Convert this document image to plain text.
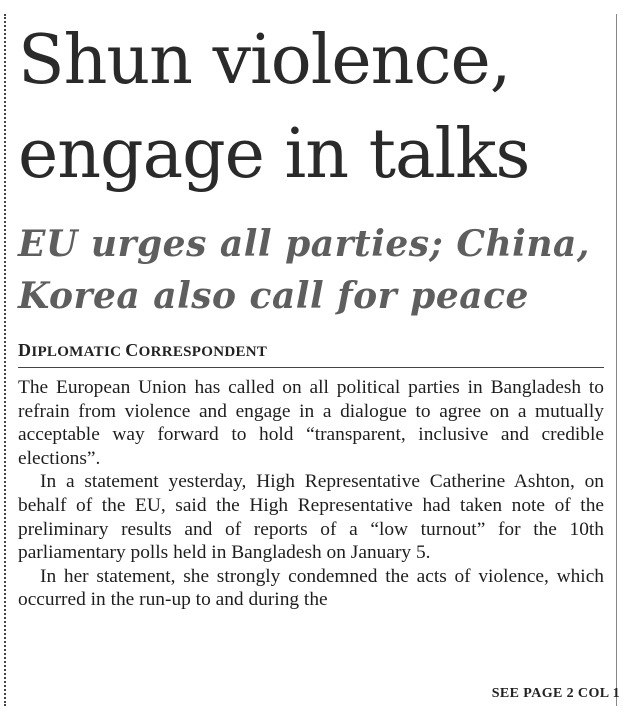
Shun violence,
engage in talks
EU urges all parties; China,
Korea also call for peace
DIPLOMATIC CORRESPONDENT

The European Union has called on all political parties in Bangladesh to refrain from violence and engage in a dialogue to agree on a mutually acceptable way forward to hold “transparent, inclusive and credible elections”.

In a statement yesterday, High Representative Catherine Ashton, on behalf of the EU, said the High Representative had taken note of the preliminary results and of reports of a “low turnout” for the 10th parliamentary polls held in Bangladesh on January 5.

In her statement, she strongly condemned the acts of violence, which occurred in the run-up to and during the

SEE PAGE 2 COL 1
